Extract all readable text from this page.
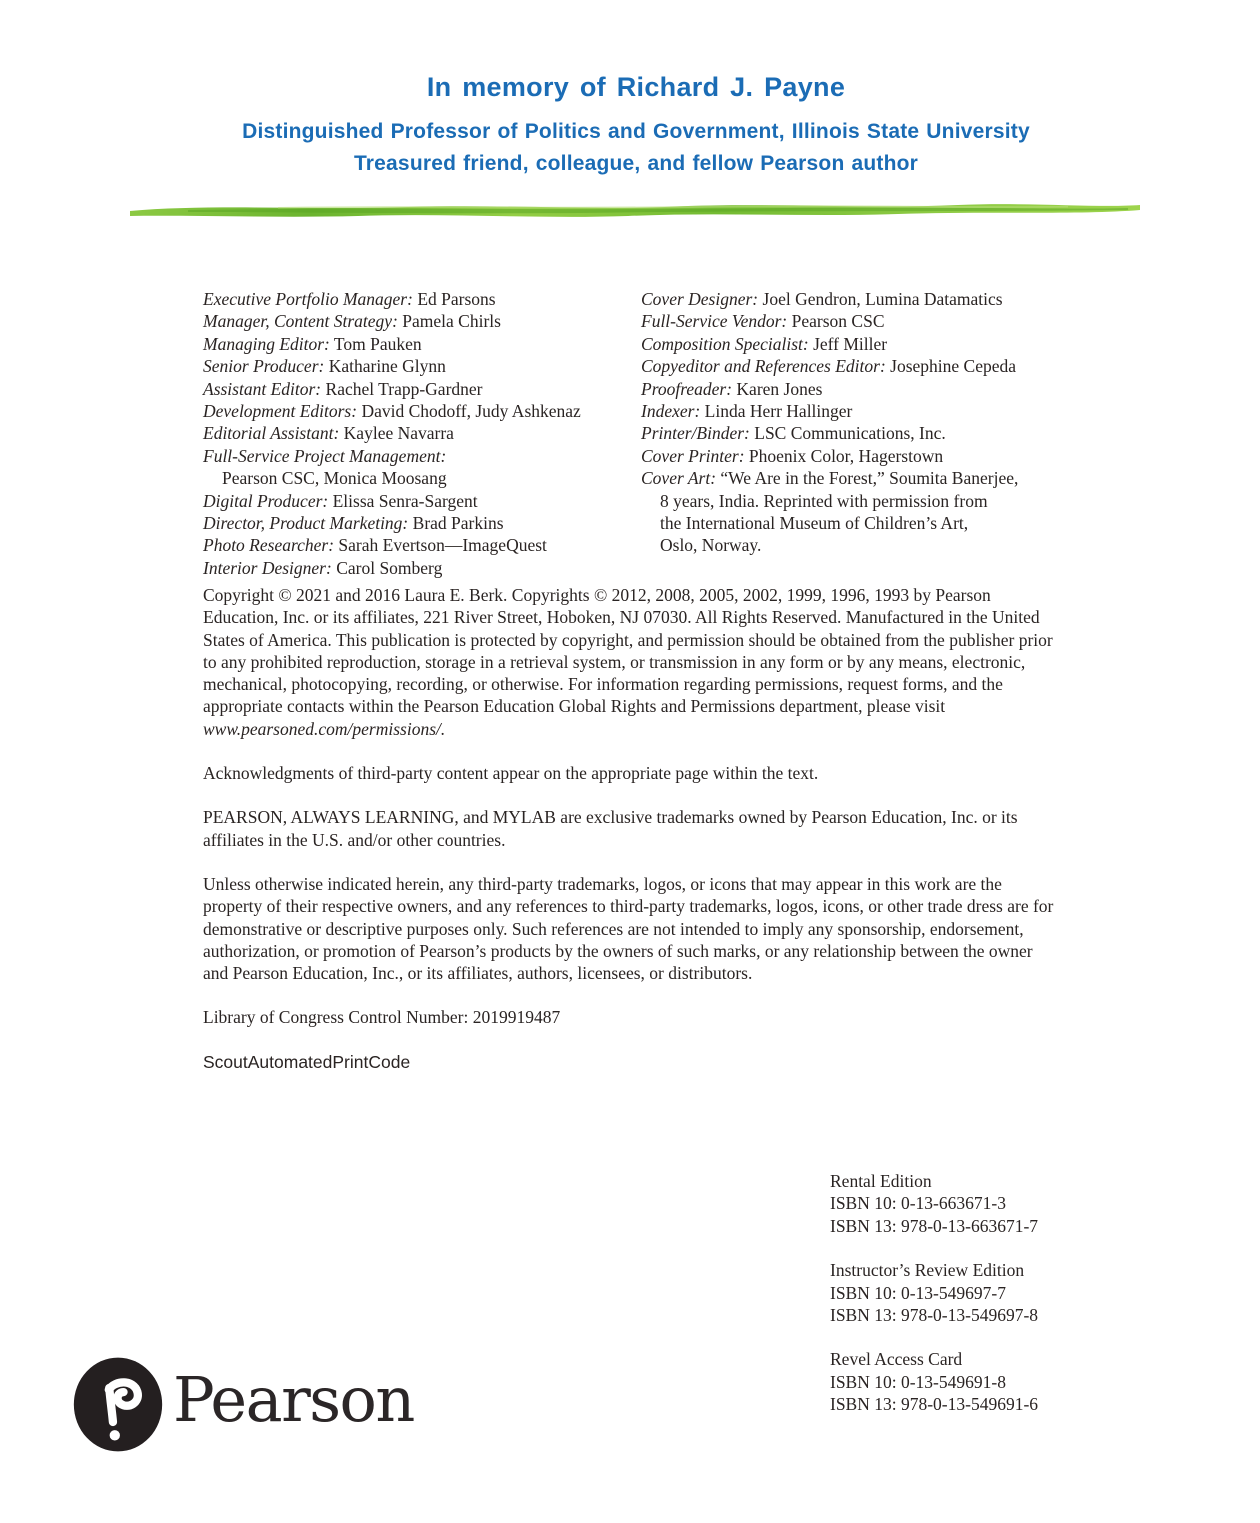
In memory of Richard J. Payne
Distinguished Professor of Politics and Government, Illinois State University
Treasured friend, colleague, and fellow Pearson author
Executive Portfolio Manager: Ed Parsons
Manager, Content Strategy: Pamela Chirls
Managing Editor: Tom Pauken
Senior Producer: Katharine Glynn
Assistant Editor: Rachel Trapp-Gardner
Development Editors: David Chodoff, Judy Ashkenaz
Editorial Assistant: Kaylee Navarra
Full-Service Project Management:
Pearson CSC, Monica Moosang
Digital Producer: Elissa Senra-Sargent
Director, Product Marketing: Brad Parkins
Photo Researcher: Sarah Evertson—ImageQuest
Interior Designer: Carol Somberg
Cover Designer: Joel Gendron, Lumina Datamatics
Full-Service Vendor: Pearson CSC
Composition Specialist: Jeff Miller
Copyeditor and References Editor: Josephine Cepeda
Proofreader: Karen Jones
Indexer: Linda Herr Hallinger
Printer/Binder: LSC Communications, Inc.
Cover Printer: Phoenix Color, Hagerstown
Cover Art: “We Are in the Forest,” Soumita Banerjee,
8 years, India. Reprinted with permission from
the International Museum of Children’s Art,
Oslo, Norway.

Copyright © 2021 and 2016 Laura E. Berk. Copyrights © 2012, 2008, 2005, 2002, 1999, 1996, 1993 by Pearson Education, Inc. or its affiliates, 221 River Street, Hoboken, NJ 07030. All Rights Reserved. Manufactured in the United States of America. This publication is protected by copyright, and permission should be obtained from the publisher prior to any prohibited reproduction, storage in a retrieval system, or transmission in any form or by any means, electronic, mechanical, photocopying, recording, or otherwise. For information regarding permissions, request forms, and the appropriate contacts within the Pearson Education Global Rights and Permissions department, please visit www.pearsoned.com/permissions/.

Acknowledgments of third-party content appear on the appropriate page within the text.

PEARSON, ALWAYS LEARNING, and MYLAB are exclusive trademarks owned by Pearson Education, Inc. or its affiliates in the U.S. and/or other countries.

Unless otherwise indicated herein, any third-party trademarks, logos, or icons that may appear in this work are the property of their respective owners, and any references to third-party trademarks, logos, icons, or other trade dress are for demonstrative or descriptive purposes only. Such references are not intended to imply any sponsorship, endorsement, authorization, or promotion of Pearson’s products by the owners of such marks, or any relationship between the owner and Pearson Education, Inc., or its affiliates, authors, licensees, or distributors.

Library of Congress Control Number: 2019919487

ScoutAutomatedPrintCode

Rental Edition
ISBN 10: 0-13-663671-3
ISBN 13: 978-0-13-663671-7
Instructor’s Review Edition
ISBN 10: 0-13-549697-7
ISBN 13: 978-0-13-549697-8
Revel Access Card
ISBN 10: 0-13-549691-8
ISBN 13: 978-0-13-549691-6
Pearson
